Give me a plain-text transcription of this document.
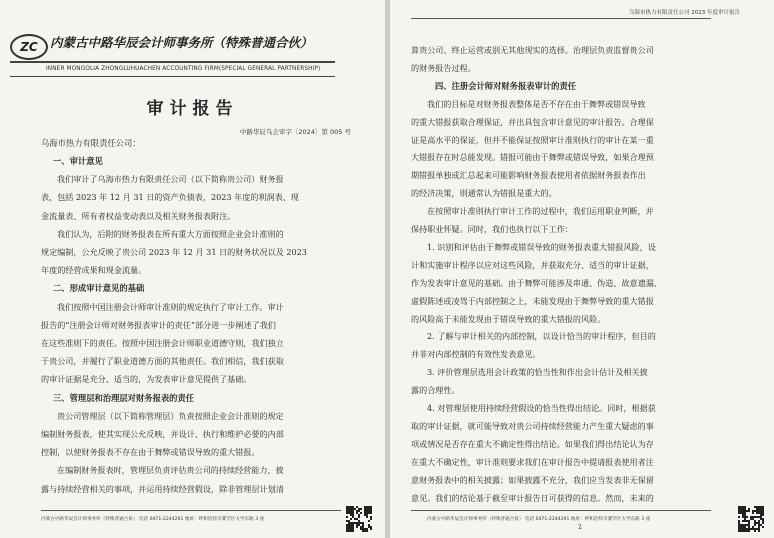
ZC 内蒙古中路华辰会计师事务所（特殊普通合伙）
INNER MONGOLIA ZHONGLUHUACHEN ACCOUNTING FIRM(SPECIAL GENERAL PARTNERSHIP)
审计报告
中路华辰乌会审字〔2024〕第 005 号
乌海市热力有限责任公司：
一、审计意见
我们审计了乌海市热力有限责任公司（以下简称贵公司）财务报
表，包括 2023 年 12 月 31 日的资产负债表，2023 年度的利润表、现
金流量表、所有者权益变动表以及相关财务报表附注。
我们认为，后附的财务报表在所有重大方面按照企业会计准则的
规定编制，公允反映了贵公司 2023 年 12 月 31 日的财务状况以及 2023
年度的经营成果和现金流量。
二、形成审计意见的基础
我们按照中国注册会计师审计准则的规定执行了审计工作。审计
报告的“注册会计师对财务报表审计的责任”部分进一步阐述了我们
在这些准则下的责任。按照中国注册会计师职业道德守则，我们独立
于贵公司，并履行了职业道德方面的其他责任。我们相信，我们获取
的审计证据是充分、适当的，为发表审计意见提供了基础。
三、管理层和治理层对财务报表的责任
贵公司管理层（以下简称管理层）负责按照企业会计准则的规定
编制财务报表，使其实现公允反映，并设计、执行和维护必要的内部
控制，以使财务报表不存在由于舞弊或错误导致的重大错报。
在编制财务报表时，管理层负责评估贵公司的持续经营能力，披
露与持续经营相关的事项，并运用持续经营假设，除非管理层计划清
内蒙古中路华辰会计师事务所（特殊普通合伙） 电话 0471-2244291 地址：呼和浩特市赛罕区大学东路 3 座
乌海市热力有限责任公司 2023 年度审计报告
算贵公司、终止运营或别无其他现实的选择。治理层负责监督贵公司
的财务报告过程。
四、注册会计师对财务报表审计的责任
我们的目标是对财务报表整体是否不存在由于舞弊或错误导致
的重大错报获取合理保证，并出具包含审计意见的审计报告。合理保
证是高水平的保证，但并不能保证按照审计准则执行的审计在某一重
大错报存在时总能发现。错报可能由于舞弊或错误导致，如果合理预
期错报单独或汇总起来可能影响财务报表使用者依据财务报表作出
的经济决策，则通常认为错报是重大的。
在按照审计准则执行审计工作的过程中，我们运用职业判断，并
保持职业怀疑。同时，我们也执行以下工作：
1. 识别和评估由于舞弊或错误导致的财务报表重大错报风险，设
计和实施审计程序以应对这些风险，并获取充分、适当的审计证据，
作为发表审计意见的基础。由于舞弊可能涉及串通、伪造、故意遗漏、
虚假陈述或凌驾于内部控制之上，未能发现由于舞弊导致的重大错报
的风险高于未能发现由于错误导致的重大错报的风险。
2. 了解与审计相关的内部控制，以设计恰当的审计程序，但目的
并非对内部控制的有效性发表意见。
3. 评价管理层选用会计政策的恰当性和作出会计估计及相关披
露的合理性。
4. 对管理层使用持续经营假设的恰当性得出结论。同时，根据获
取的审计证据，就可能导致对贵公司持续经营能力产生重大疑虑的事
项或情况是否存在重大不确定性得出结论。如果我们得出结论认为存
在重大不确定性，审计准则要求我们在审计报告中提请报表使用者注
意财务报表中的相关披露；如果披露不充分，我们应当发表非无保留
意见。我们的结论基于截至审计报告日可获得的信息。然而，未来的
内蒙古中路华辰会计师事务所（特殊普通合伙） 电话 0471-2244291 地址：呼和浩特市赛罕区大学东路 3 座
2
